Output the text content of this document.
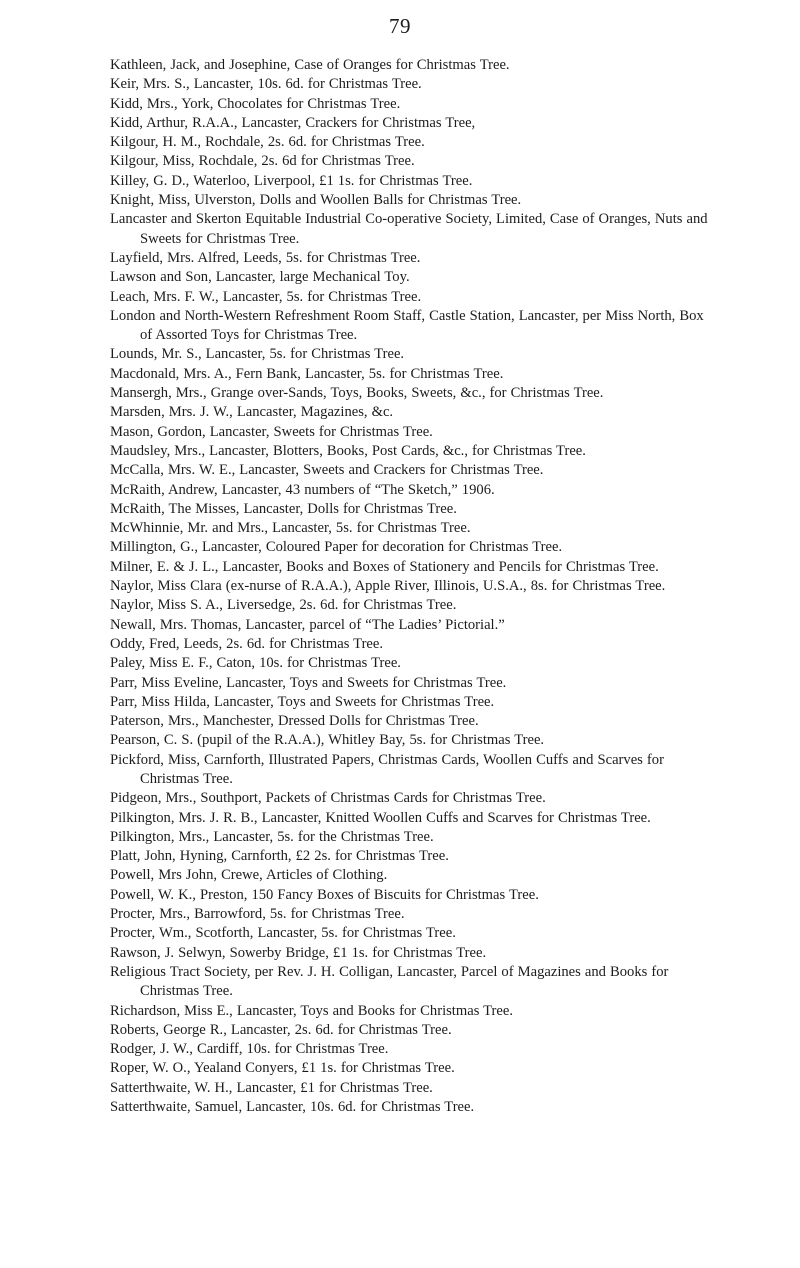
79
Kathleen, Jack, and Josephine, Case of Oranges for Christmas Tree.
Keir, Mrs. S., Lancaster, 10s. 6d. for Christmas Tree.
Kidd, Mrs., York, Chocolates for Christmas Tree.
Kidd, Arthur, R.A.A., Lancaster, Crackers for Christmas Tree,
Kilgour, H. M., Rochdale, 2s. 6d. for Christmas Tree.
Kilgour, Miss, Rochdale, 2s. 6d for Christmas Tree.
Killey, G. D., Waterloo, Liverpool, £1 1s. for Christmas Tree.
Knight, Miss, Ulverston, Dolls and Woollen Balls for Christmas Tree.
Lancaster and Skerton Equitable Industrial Co-operative Society, Limited, Case of Oranges, Nuts and Sweets for Christmas Tree.
Layfield, Mrs. Alfred, Leeds, 5s. for Christmas Tree.
Lawson and Son, Lancaster, large Mechanical Toy.
Leach, Mrs. F. W., Lancaster, 5s. for Christmas Tree.
London and North-Western Refreshment Room Staff, Castle Station, Lancaster, per Miss North, Box of Assorted Toys for Christmas Tree.
Lounds, Mr. S., Lancaster, 5s. for Christmas Tree.
Macdonald, Mrs. A., Fern Bank, Lancaster, 5s. for Christmas Tree.
Mansergh, Mrs., Grange over-Sands, Toys, Books, Sweets, &c., for Christmas Tree.
Marsden, Mrs. J. W., Lancaster, Magazines, &c.
Mason, Gordon, Lancaster, Sweets for Christmas Tree.
Maudsley, Mrs., Lancaster, Blotters, Books, Post Cards, &c., for Christmas Tree.
McCalla, Mrs. W. E., Lancaster, Sweets and Crackers for Christmas Tree.
McRaith, Andrew, Lancaster, 43 numbers of “The Sketch,” 1906.
McRaith, The Misses, Lancaster, Dolls for Christmas Tree.
McWhinnie, Mr. and Mrs., Lancaster, 5s. for Christmas Tree.
Millington, G., Lancaster, Coloured Paper for decoration for Christmas Tree.
Milner, E. & J. L., Lancaster, Books and Boxes of Stationery and Pencils for Christmas Tree.
Naylor, Miss Clara (ex-nurse of R.A.A.), Apple River, Illinois, U.S.A., 8s. for Christmas Tree.
Naylor, Miss S. A., Liversedge, 2s. 6d. for Christmas Tree.
Newall, Mrs. Thomas, Lancaster, parcel of “The Ladies’ Pictorial.”
Oddy, Fred, Leeds, 2s. 6d. for Christmas Tree.
Paley, Miss E. F., Caton, 10s. for Christmas Tree.
Parr, Miss Eveline, Lancaster, Toys and Sweets for Christmas Tree.
Parr, Miss Hilda, Lancaster, Toys and Sweets for Christmas Tree.
Paterson, Mrs., Manchester, Dressed Dolls for Christmas Tree.
Pearson, C. S. (pupil of the R.A.A.), Whitley Bay, 5s. for Christmas Tree.
Pickford, Miss, Carnforth, Illustrated Papers, Christmas Cards, Woollen Cuffs and Scarves for Christmas Tree.
Pidgeon, Mrs., Southport, Packets of Christmas Cards for Christmas Tree.
Pilkington, Mrs. J. R. B., Lancaster, Knitted Woollen Cuffs and Scarves for Christmas Tree.
Pilkington, Mrs., Lancaster, 5s. for the Christmas Tree.
Platt, John, Hyning, Carnforth, £2 2s. for Christmas Tree.
Powell, Mrs John, Crewe, Articles of Clothing.
Powell, W. K., Preston, 150 Fancy Boxes of Biscuits for Christmas Tree.
Procter, Mrs., Barrowford, 5s. for Christmas Tree.
Procter, Wm., Scotforth, Lancaster, 5s. for Christmas Tree.
Rawson, J. Selwyn, Sowerby Bridge, £1 1s. for Christmas Tree.
Religious Tract Society, per Rev. J. H. Colligan, Lancaster, Parcel of Magazines and Books for Christmas Tree.
Richardson, Miss E., Lancaster, Toys and Books for Christmas Tree.
Roberts, George R., Lancaster, 2s. 6d. for Christmas Tree.
Rodger, J. W., Cardiff, 10s. for Christmas Tree.
Roper, W. O., Yealand Conyers, £1 1s. for Christmas Tree.
Satterthwaite, W. H., Lancaster, £1 for Christmas Tree.
Satterthwaite, Samuel, Lancaster, 10s. 6d. for Christmas Tree.
